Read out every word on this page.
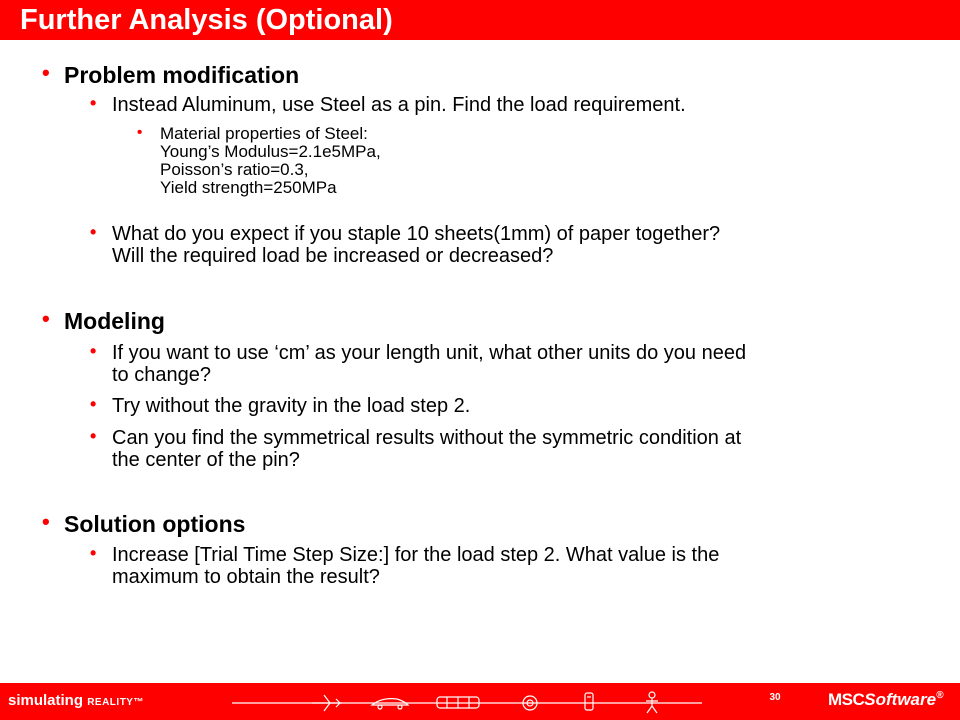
Further Analysis (Optional)
• Problem modification
• Instead Aluminum, use Steel as a pin. Find the load requirement.
• Material properties of Steel:
Young’s Modulus=2.1e5MPa,
Poisson’s ratio=0.3,
Yield strength=250MPa
• What do you expect if you staple 10 sheets(1mm) of paper together?
Will the required load be increased or decreased?
• Modeling
• If you want to use ‘cm’ as your length unit, what other units do you need
to change?
• Try without the gravity in the load step 2.
• Can you find the symmetrical results without the symmetric condition at
the center of the pin?
• Solution options
• Increase [Trial Time Step Size:] for the load step 2. What value is the
maximum to obtain the result?
simulating REALITY™	30	MSCSoftware®
